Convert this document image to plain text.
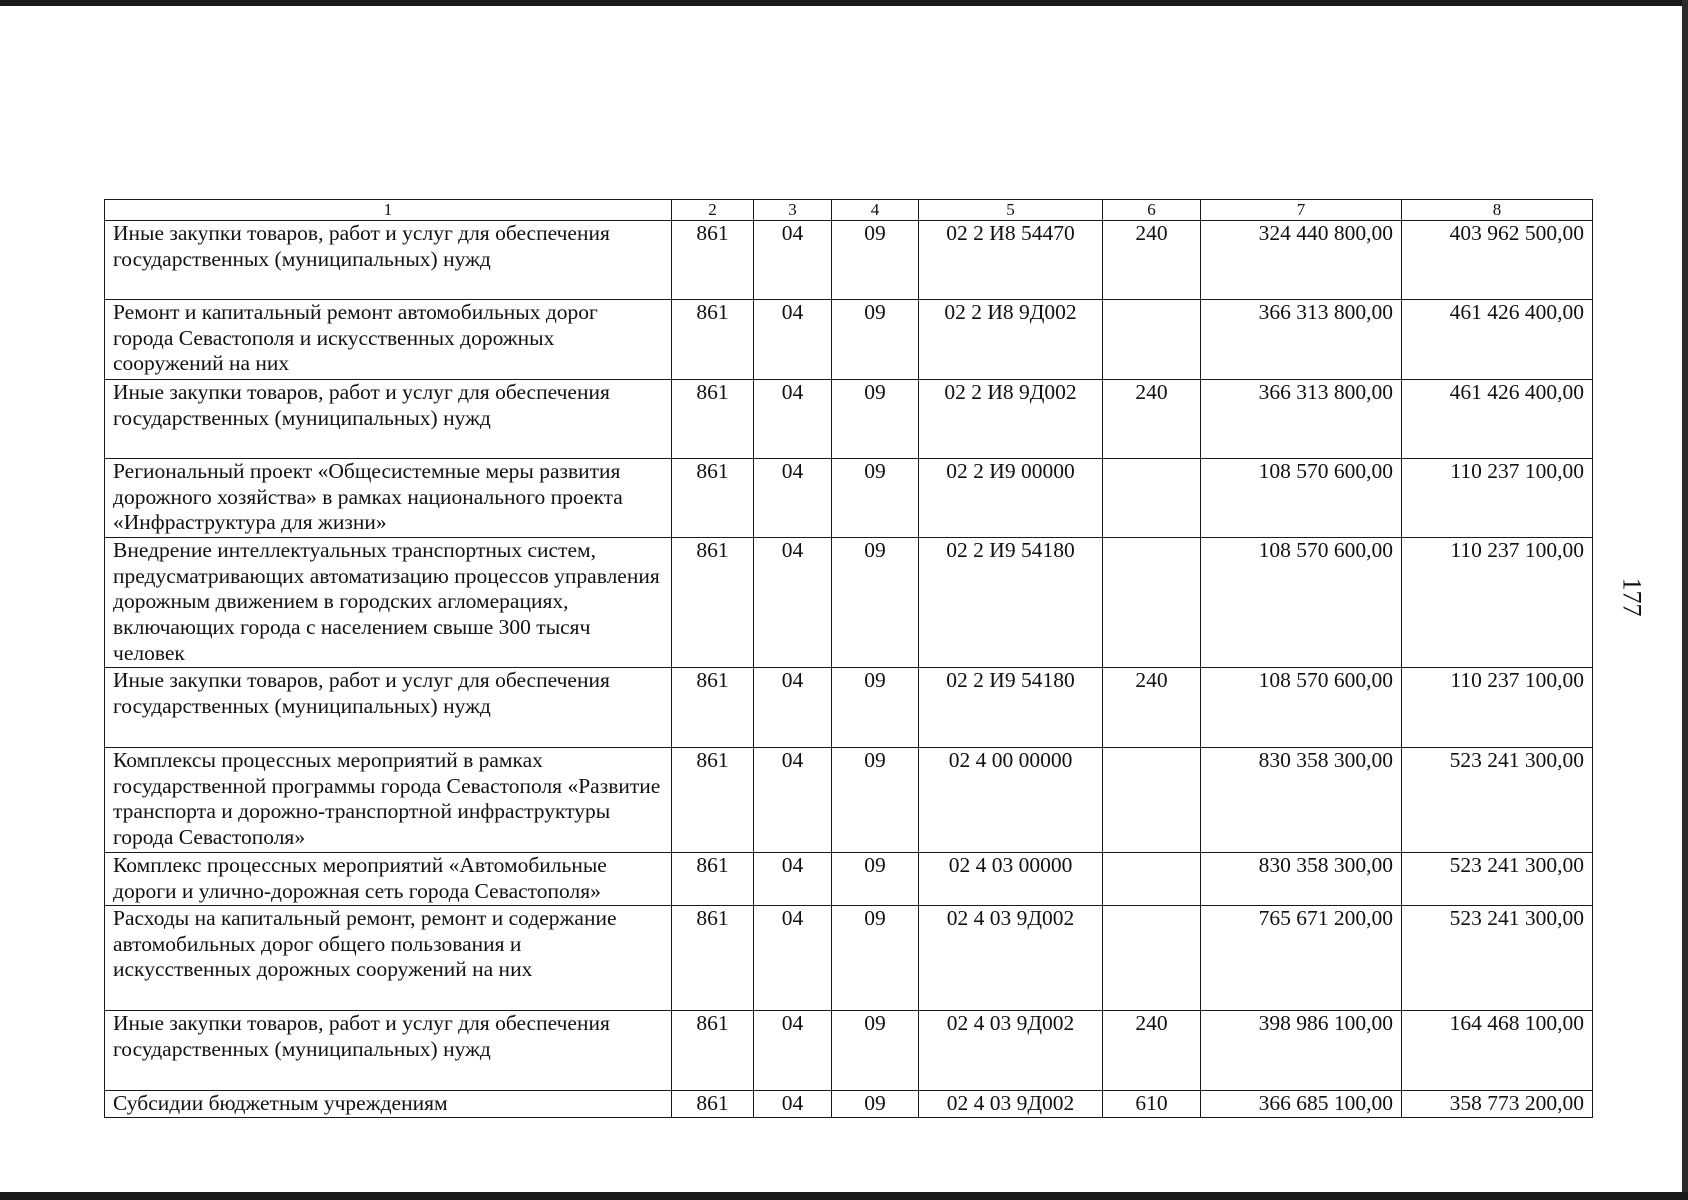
177
1	2	3	4	5	6	7	8
Иные закупки товаров, работ и услуг для обеспечения государственных (муниципальных) нужд	861	04	09	02 2 И8 54470	240	324 440 800,00	403 962 500,00
Ремонт и капитальный ремонт автомобильных дорог города Севастополя и искусственных дорожных сооружений на них	861	04	09	02 2 И8 9Д002		366 313 800,00	461 426 400,00
Иные закупки товаров, работ и услуг для обеспечения государственных (муниципальных) нужд	861	04	09	02 2 И8 9Д002	240	366 313 800,00	461 426 400,00
Региональный проект «Общесистемные меры развития дорожного хозяйства» в рамках национального проекта «Инфраструктура для жизни»	861	04	09	02 2 И9 00000		108 570 600,00	110 237 100,00
Внедрение интеллектуальных транспортных систем, предусматривающих автоматизацию процессов управления дорожным движением в городских агломерациях, включающих города с населением свыше 300 тысяч человек	861	04	09	02 2 И9 54180		108 570 600,00	110 237 100,00
Иные закупки товаров, работ и услуг для обеспечения государственных (муниципальных) нужд	861	04	09	02 2 И9 54180	240	108 570 600,00	110 237 100,00
Комплексы процессных мероприятий в рамках государственной программы города Севастополя «Развитие транспорта и дорожно-транспортной инфраструктуры города Севастополя»	861	04	09	02 4 00 00000		830 358 300,00	523 241 300,00
Комплекс процессных мероприятий «Автомобильные дороги и улично-дорожная сеть города Севастополя»	861	04	09	02 4 03 00000		830 358 300,00	523 241 300,00
Расходы на капитальный ремонт, ремонт и содержание автомобильных дорог общего пользования и искусственных дорожных сооружений на них	861	04	09	02 4 03 9Д002		765 671 200,00	523 241 300,00
Иные закупки товаров, работ и услуг для обеспечения государственных (муниципальных) нужд	861	04	09	02 4 03 9Д002	240	398 986 100,00	164 468 100,00
Субсидии бюджетным учреждениям	861	04	09	02 4 03 9Д002	610	366 685 100,00	358 773 200,00
